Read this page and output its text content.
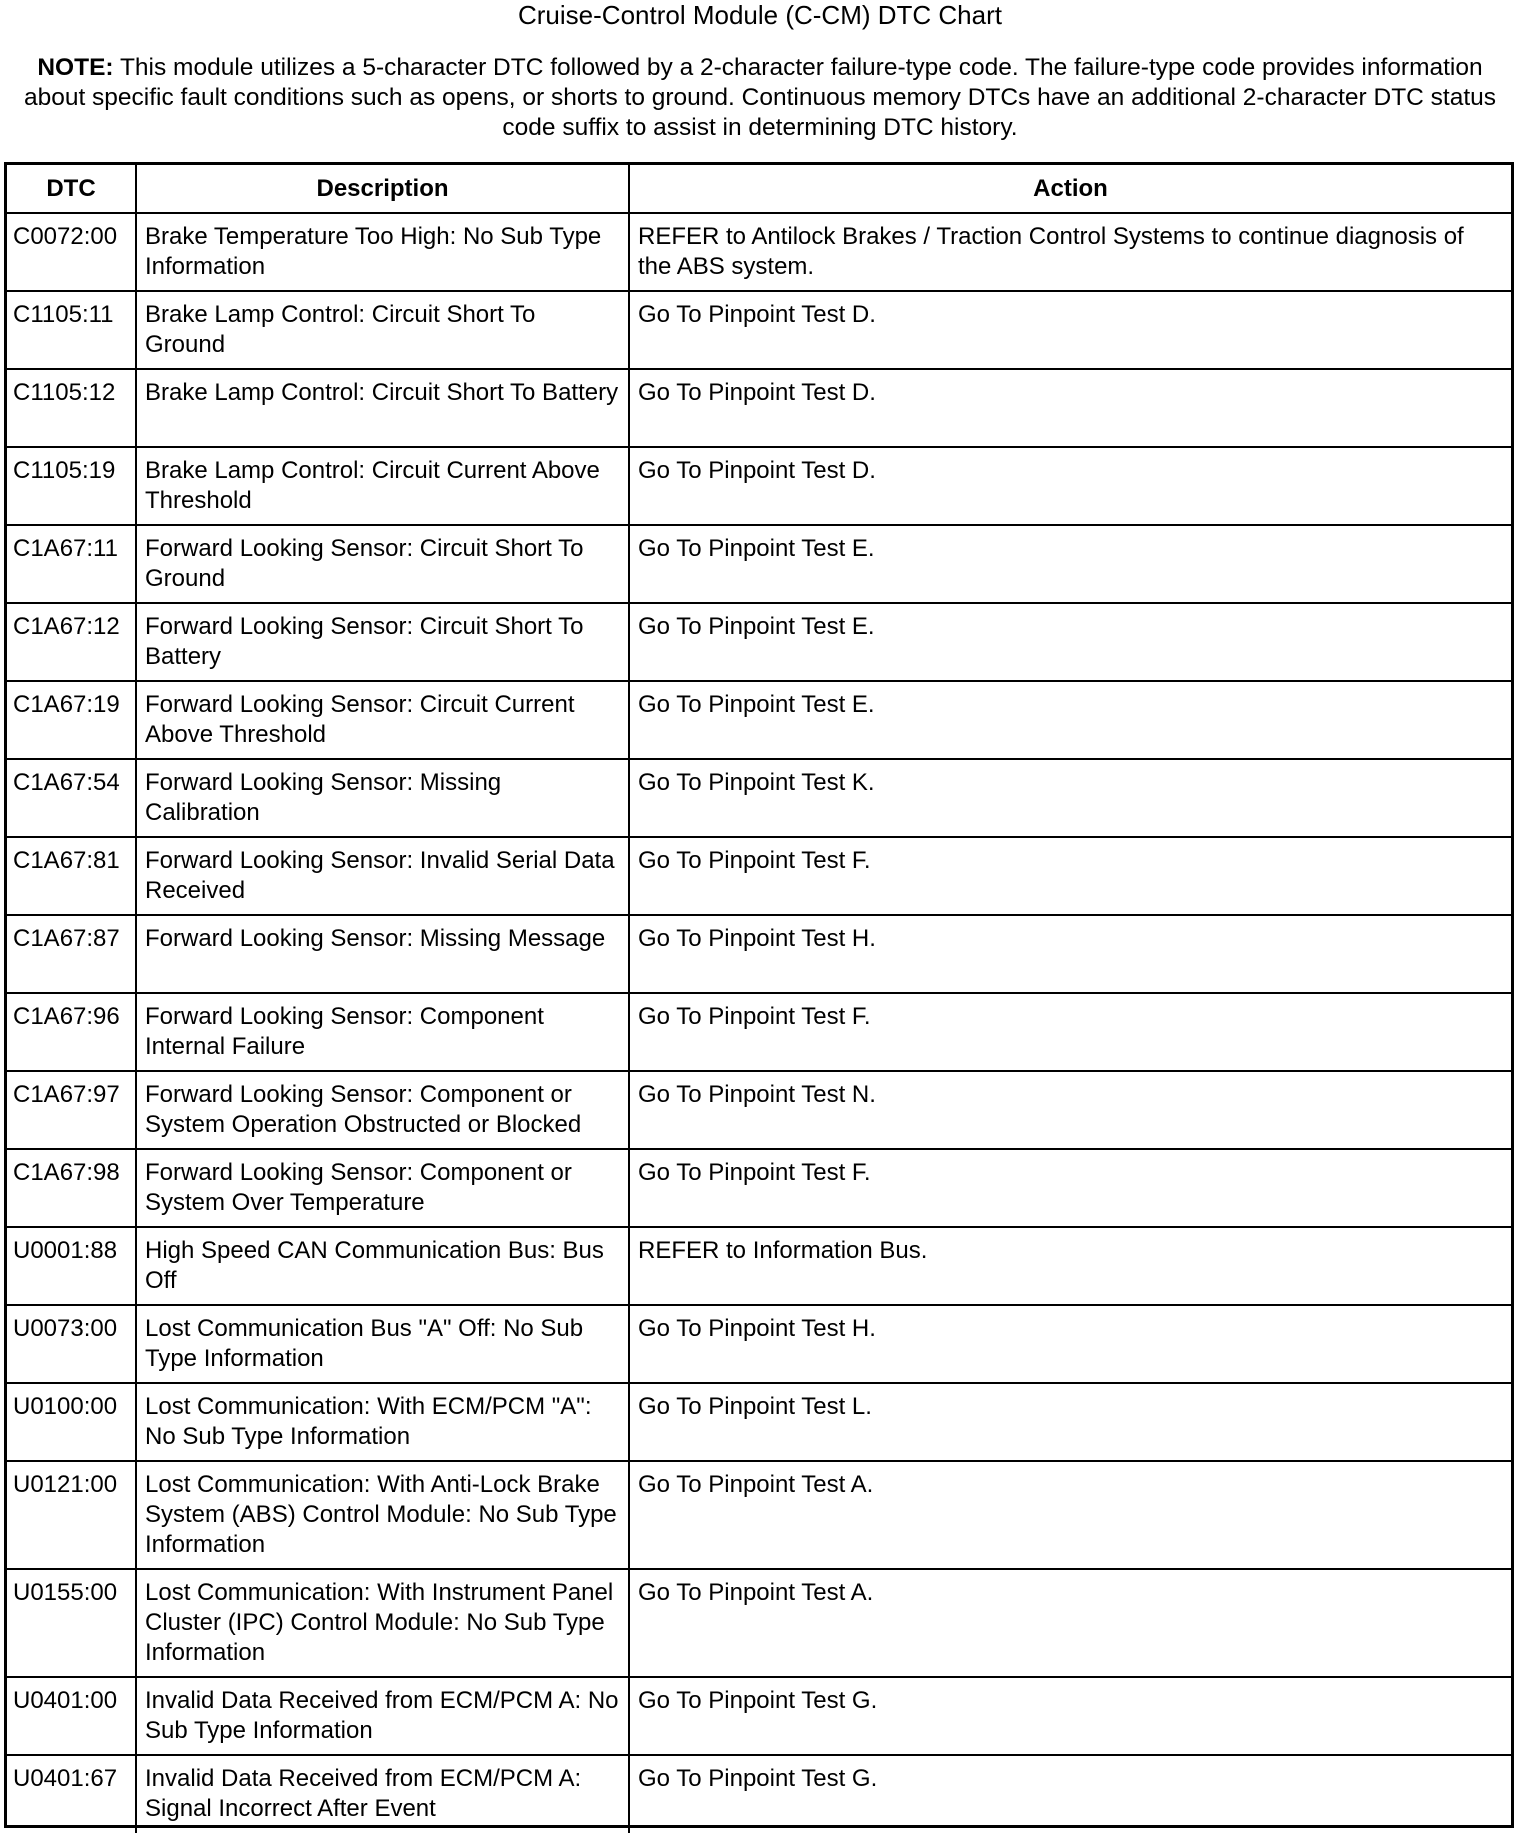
Cruise-Control Module (C-CM) DTC Chart
NOTE: This module utilizes a 5-character DTC followed by a 2-character failure-type code. The failure-type code provides information about specific fault conditions such as opens, or shorts to ground. Continuous memory DTCs have an additional 2-character DTC status code suffix to assist in determining DTC history.
DTC	Description	Action
C0072:00	Brake Temperature Too High: No Sub Type Information	REFER to Antilock Brakes / Traction Control Systems to continue diagnosis of the ABS system.
C1105:11	Brake Lamp Control: Circuit Short To Ground	Go To Pinpoint Test D.
C1105:12	Brake Lamp Control: Circuit Short To Battery	Go To Pinpoint Test D.
C1105:19	Brake Lamp Control: Circuit Current Above Threshold	Go To Pinpoint Test D.
C1A67:11	Forward Looking Sensor: Circuit Short To Ground	Go To Pinpoint Test E.
C1A67:12	Forward Looking Sensor: Circuit Short To Battery	Go To Pinpoint Test E.
C1A67:19	Forward Looking Sensor: Circuit Current Above Threshold	Go To Pinpoint Test E.
C1A67:54	Forward Looking Sensor: Missing Calibration	Go To Pinpoint Test K.
C1A67:81	Forward Looking Sensor: Invalid Serial Data Received	Go To Pinpoint Test F.
C1A67:87	Forward Looking Sensor: Missing Message	Go To Pinpoint Test H.
C1A67:96	Forward Looking Sensor: Component Internal Failure	Go To Pinpoint Test F.
C1A67:97	Forward Looking Sensor: Component or System Operation Obstructed or Blocked	Go To Pinpoint Test N.
C1A67:98	Forward Looking Sensor: Component or System Over Temperature	Go To Pinpoint Test F.
U0001:88	High Speed CAN Communication Bus: Bus Off	REFER to Information Bus.
U0073:00	Lost Communication Bus "A" Off: No Sub Type Information	Go To Pinpoint Test H.
U0100:00	Lost Communication: With ECM/PCM "A": No Sub Type Information	Go To Pinpoint Test L.
U0121:00	Lost Communication: With Anti-Lock Brake System (ABS) Control Module: No Sub Type Information	Go To Pinpoint Test A.
U0155:00	Lost Communication: With Instrument Panel Cluster (IPC) Control Module: No Sub Type Information	Go To Pinpoint Test A.
U0401:00	Invalid Data Received from ECM/PCM A: No Sub Type Information	Go To Pinpoint Test G.
U0401:67	Invalid Data Received from ECM/PCM A: Signal Incorrect After Event	Go To Pinpoint Test G.
